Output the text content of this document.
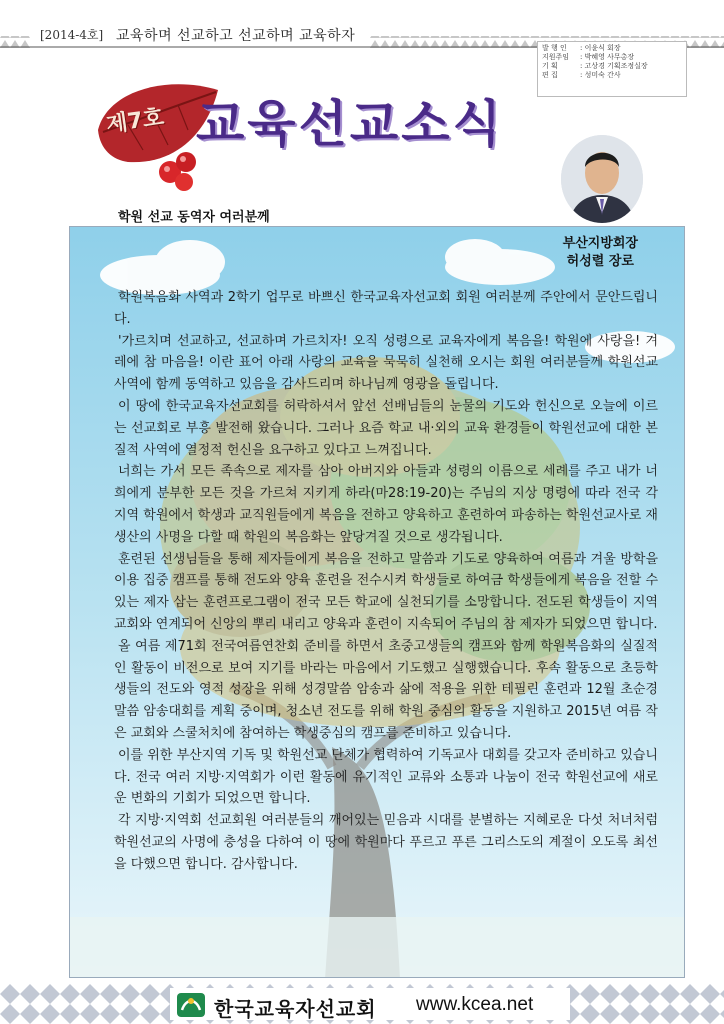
[2014-4호] 교육하며 선교하고 선교하며 교육하자
발 행 인 : 이윤식 회장
지원주임 : 박혜영 사무총장
기 획	: 고상경 기획조정실장
편 집	: 성미숙 간사
제7호 교육선교소식
학원 선교 동역자 여러분께
부산지방회장
허성렬 장로

학원복음화 사역과 2학기 업무로 바쁘신 한국교육자선교회 회원 여러분께 주안에서 문안드립니다.

'가르치며 선교하고, 선교하며 가르치자! 오직 성령으로 교육자에게 복음을! 학원에 사랑을! 겨레에 참 마음을! 이란 표어 아래 사랑의 교육을 묵묵히 실천해 오시는 회원 여러분들께 학원선교 사역에 함께 동역하고 있음을 감사드리며 하나님께 영광을 돌립니다.

이 땅에 한국교육자선교회를 허락하셔서 앞선 선배님들의 눈물의 기도와 헌신으로 오늘에 이르는 선교회로 부흥 발전해 왔습니다. 그러나 요즘 학교 내·외의 교육 환경들이 학원선교에 대한 본질적 사역에 열정적 헌신을 요구하고 있다고 느껴집니다.

너희는 가서 모든 족속으로 제자를 삼아 아버지와 아들과 성령의 이름으로 세례를 주고 내가 너희에게 분부한 모든 것을 가르쳐 지키게 하라(마28:19-20)는 주님의 지상 명령에 따라 전국 각 지역 학원에서 학생과 교직원들에게 복음을 전하고 양육하고 훈련하여 파송하는 학원선교사로 재생산의 사명을 다할 때 학원의 복음화는 앞당겨질 것으로 생각됩니다.

훈련된 선생님들을 통해 제자들에게 복음을 전하고 말씀과 기도로 양육하여 여름과 겨울 방학을 이용 집중 캠프를 통해 전도와 양육 훈련을 전수시켜 학생들로 하여금 학생들에게 복음을 전할 수 있는 제자 삼는 훈련프로그램이 전국 모든 학교에 실천되기를 소망합니다. 전도된 학생들이 지역교회와 연계되어 신앙의 뿌리 내리고 양육과 훈련이 지속되어 주님의 참 제자가 되었으면 합니다.

올 여름 제71회 전국여름연찬회 준비를 하면서 초중고생들의 캠프와 함께 학원복음화의 실질적인 활동이 비전으로 보여 지기를 바라는 마음에서 기도했고 실행했습니다. 후속 활동으로 초등학생들의 전도와 영적 성장을 위해 성경말씀 암송과 삶에 적용을 위한 테필린 훈련과 12월 초순경 말씀 암송대회를 계획 중이며, 청소년 전도를 위해 학원 중심의 활동을 지원하고 2015년 여름 작은 교회와 스쿨처치에 참여하는 학생중심의 캠프를 준비하고 있습니다.

이를 위한 부산지역 기독 및 학원선교 단체가 협력하여 기독교사 대회를 갖고자 준비하고 있습니다. 전국 여러 지방·지역회가 이런 활동에 유기적인 교류와 소통과 나눔이 전국 학원선교에 새로운 변화의 기회가 되었으면 합니다.

각 지방·지역회 선교회원 여러분들의 깨어있는 믿음과 시대를 분별하는 지혜로운 다섯 처녀처럼 학원선교의 사명에 충성을 다하여 이 땅에 학원마다 푸르고 푸른 그리스도의 계절이 오도록 최선을 다했으면 합니다. 감사합니다.

한국교육자선교회 www.kcea.net
